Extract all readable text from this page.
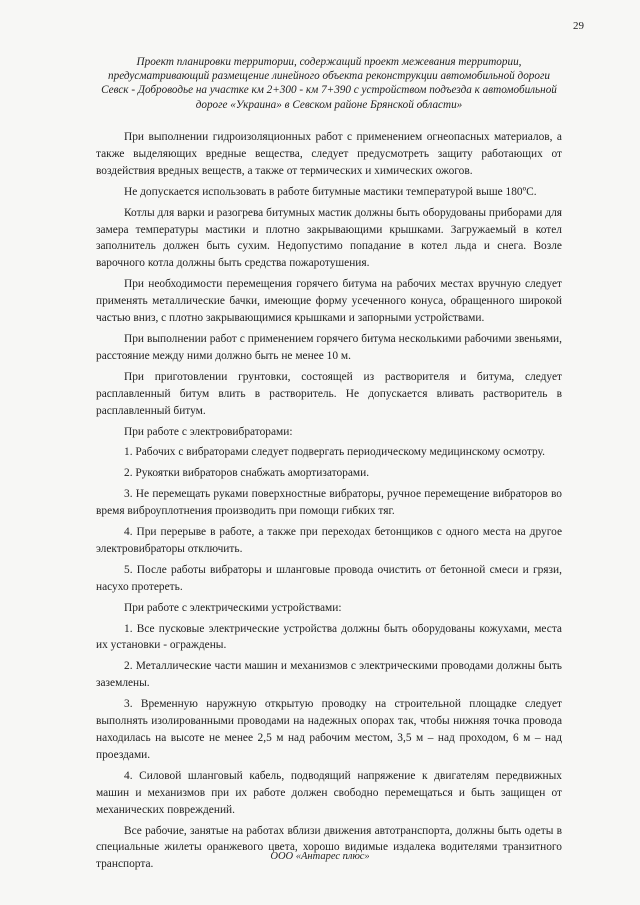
29
Проект планировки территории, содержащий проект межевания территории, предусматривающий размещение линейного объекта реконструкции автомобильной дороги Севск - Доброводье на участке км 2+300 - км 7+390 с устройством подъезда к автомобильной дороге «Украина» в Севском районе Брянской области»

При выполнении гидроизоляционных работ с применением огнеопасных материалов, а также выделяющих вредные вещества, следует предусмотреть защиту работающих от воздействия вредных веществ, а также от термических и химических ожогов.

Не допускается использовать в работе битумные мастики температурой выше 180ºС.

Котлы для варки и разогрева битумных мастик должны быть оборудованы приборами для замера температуры мастики и плотно закрывающими крышками. Загружаемый в котел заполнитель должен быть сухим. Недопустимо попадание в котел льда и снега. Возле варочного котла должны быть средства пожаротушения.

При необходимости перемещения горячего битума на рабочих местах вручную следует применять металлические бачки, имеющие форму усеченного конуса, обращенного широкой частью вниз, с плотно закрывающимися крышками и запорными устройствами.

При выполнении работ с применением горячего битума несколькими рабочими звеньями, расстояние между ними должно быть не менее 10 м.

При приготовлении грунтовки, состоящей из растворителя и битума, следует расплавленный битум влить в растворитель. Не допускается вливать растворитель в расплавленный битум.

При работе с электровибраторами:

1. Рабочих с вибраторами следует подвергать периодическому медицинскому осмотру.

2. Рукоятки вибраторов снабжать амортизаторами.

3. Не перемещать руками поверхностные вибраторы, ручное перемещение вибраторов во время виброуплотнения производить при помощи гибких тяг.

4. При перерыве в работе, а также при переходах бетонщиков с одного места на другое электровибраторы отключить.

5. После работы вибраторы и шланговые провода очистить от бетонной смеси и грязи, насухо протереть.

При работе с электрическими устройствами:

1. Все пусковые электрические устройства должны быть оборудованы кожухами, места их установки - ограждены.

2. Металлические части машин и механизмов с электрическими проводами должны быть заземлены.

3. Временную наружную открытую проводку на строительной площадке следует выполнять изолированными проводами на надежных опорах так, чтобы нижняя точка провода находилась на высоте не менее 2,5 м над рабочим местом, 3,5 м – над проходом, 6 м – над проездами.

4. Силовой шланговый кабель, подводящий напряжение к двигателям передвижных машин и механизмов при их работе должен свободно перемещаться и быть защищен от механических повреждений.

Все рабочие, занятые на работах вблизи движения автотранспорта, должны быть одеты в специальные жилеты оранжевого цвета, хорошо видимые издалека водителями транзитного транспорта.

ООО «Антарес плюс»
